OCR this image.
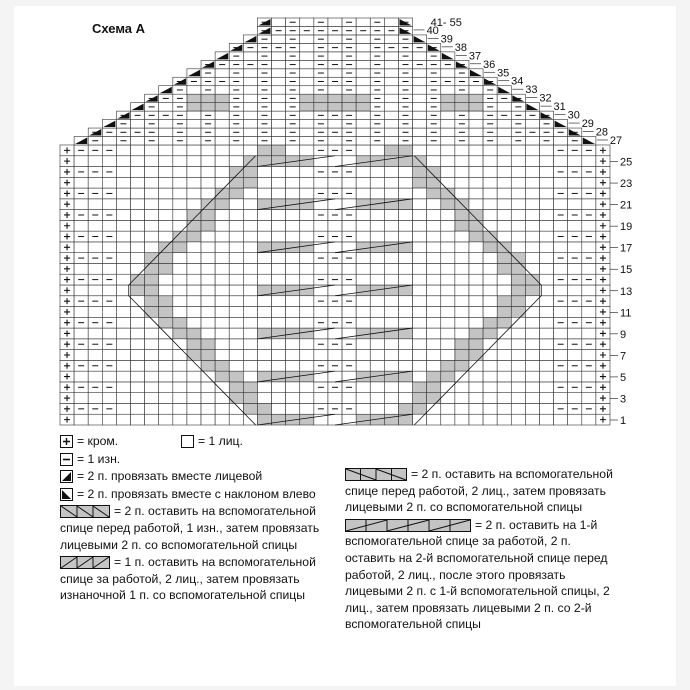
Схема А	41- 55
40
39
38
37
36
35
34
33
32
31
30
29
28
27
25
23
21
19
17
15
13
11
9
7
5
3
1
= кром.	= 1 лиц.
= 1 изн.
= 2 п. провязать вместе лицевой
= 2 п. провязать вместе с наклоном влево
= 2 п. оставить на вспомогательной спице перед работой, 1 изн., затем провязать лицевыми 2 п. со вспомогательной спицы
= 1 п. оставить на вспомогательной спице за работой, 2 лиц., затем провязать изнаночной 1 п. со вспомогательной спицы
= 2 п. оставить на вспомогательной спице перед работой, 2 лиц., затем провязать лицевыми 2 п. со вспомогательной спицы
= 2 п. оставить на 1-й вспомогательной спице за работой, 2 п. оставить на 2-й вспомогательной спице перед работой, 2 лиц., после этого провязать лицевыми 2 п. с 1-й вспомогательной спицы, 2 лиц., затем провязать лицевыми 2 п. со 2-й вспомогательной спицы
